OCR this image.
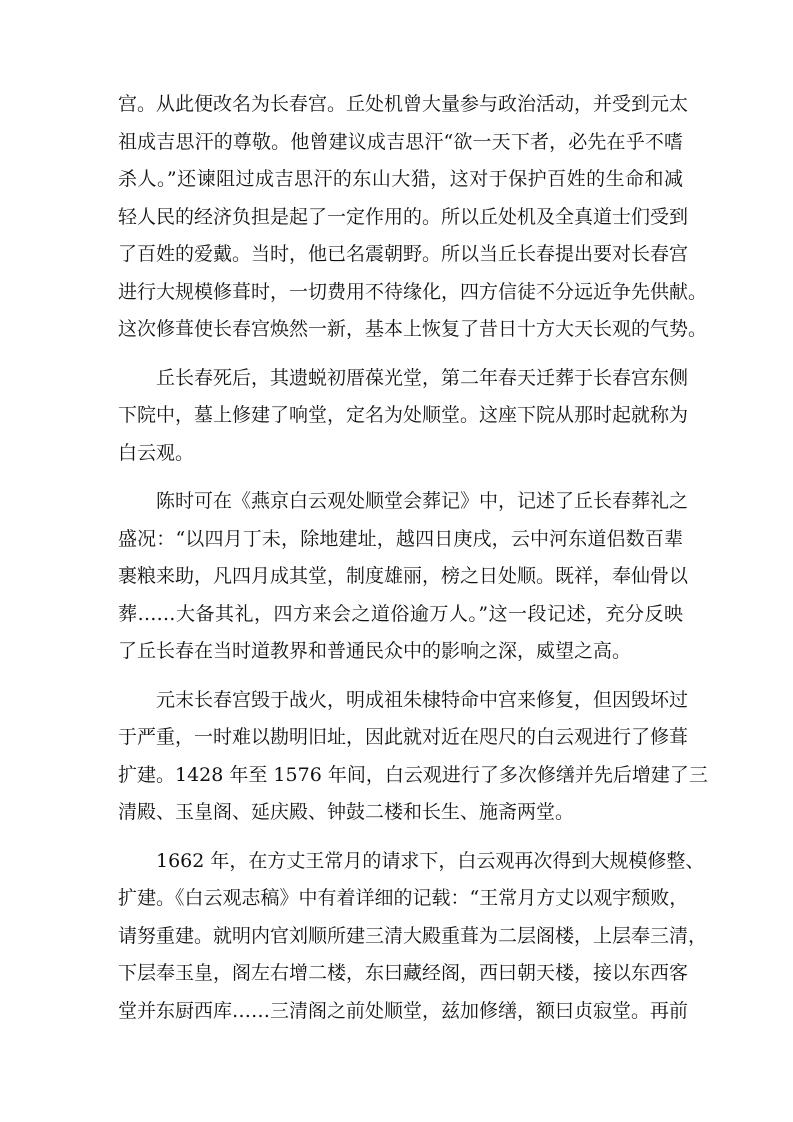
宫。从此便改名为长春宫。丘处机曾大量参与政治活动，并受到元太
祖成吉思汗的尊敬。他曾建议成吉思汗“欲一天下者，必先在乎不嗜
杀人。”还谏阻过成吉思汗的东山大猎，这对于保护百姓的生命和减
轻人民的经济负担是起了一定作用的。所以丘处机及全真道士们受到
了百姓的爱戴。当时，他已名震朝野。所以当丘长春提出要对长春宫
进行大规模修葺时，一切费用不待缘化，四方信徒不分远近争先供献。
这次修葺使长春宫焕然一新，基本上恢复了昔日十方大天长观的气势。
丘长春死后，其遗蜕初厝葆光堂，第二年春天迁葬于长春宫东侧
下院中，墓上修建了响堂，定名为处顺堂。这座下院从那时起就称为
白云观。
陈时可在《燕京白云观处顺堂会葬记》中，记述了丘长春葬礼之
盛况：“以四月丁未，除地建址，越四日庚戌，云中河东道侣数百辈
裹粮来助，凡四月成其堂，制度雄丽，榜之日处顺。既祥，奉仙骨以
葬……大备其礼，四方来会之道俗逾万人。”这一段记述，充分反映
了丘长春在当时道教界和普通民众中的影响之深，威望之高。
元末长春宫毁于战火，明成祖朱棣特命中宫来修复，但因毁坏过
于严重，一时难以勘明旧址，因此就对近在咫尺的白云观进行了修葺
扩建。1428 年至 1576 年间，白云观进行了多次修缮并先后增建了三
清殿、玉皇阁、延庆殿、钟鼓二楼和长生、施斋两堂。
1662 年，在方丈王常月的请求下，白云观再次得到大规模修整、
扩建。《白云观志稿》中有着详细的记载：“王常月方丈以观宇颓败，
请努重建。就明内官刘顺所建三清大殿重葺为二层阁楼，上层奉三清，
下层奉玉皇，阁左右增二楼，东曰藏经阁，西曰朝天楼，接以东西客
堂并东厨西库……三清阁之前处顺堂，兹加修缮，额曰贞寂堂。再前
